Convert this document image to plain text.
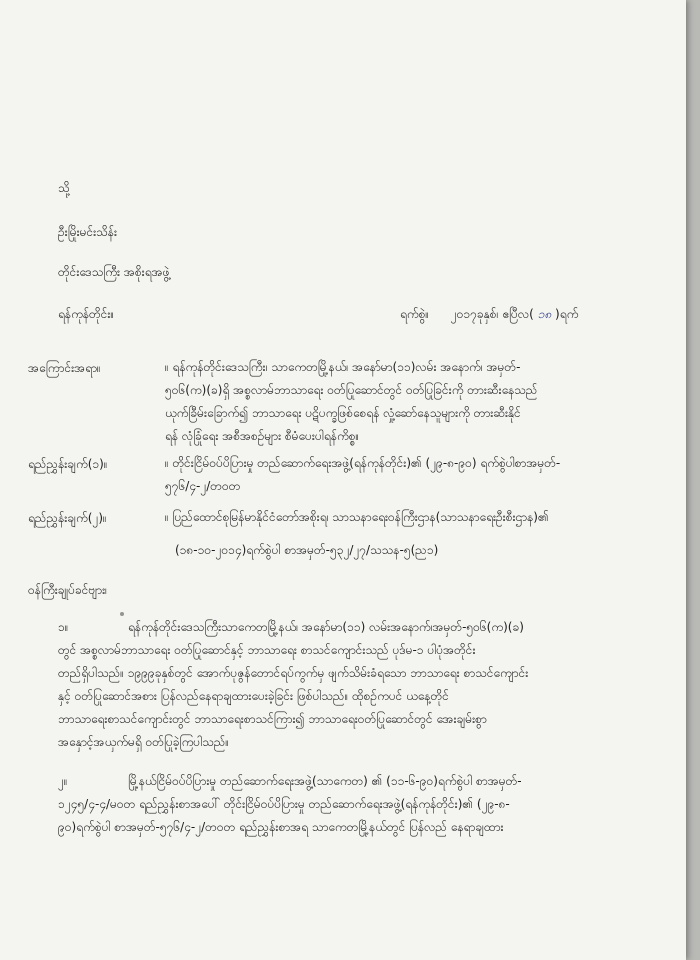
သို့
ဦးမြိုးမင်းသိန်း
တိုင်းဒေသကြီး အစိုးရအဖွဲ့
ရန်ကုန်တိုင်း။	ရက်စွဲ။ ၂၀၁၇ခုနှစ်၊ ဧပြီလ( ၁၈ )ရက်
အကြောင်းအရာ။	။ ရန်ကုန်တိုင်းဒေသကြီး၊ သာကေတမြို့နယ်၊ အနော်မာ(၁၁)လမ်း အနောက်၊ အမှတ်-
၅၀၆(က)(ခ)ရှိ အစ္စလာမ်ဘာသာရေး ဝတ်ပြုဆောင်တွင် ဝတ်ပြုခြင်းကို တားဆီးနေသည်
ယုက်ခြီမ်းခြောက်၍ ဘာသာရေး ပဋိပက္ခဖြစ်စေရန် လှုံ့ဆော်နေသူများကို တားဆီးနိုင်
ရန် လုံခြုံရေး အစီအစဉ်များ စီမံပေးပါရန်ကိစ္စ။
ရည်ညွှန်းချက်(၁)။	။ တိုင်းငြိမ်ဝပ်ပိပြားမှု တည်ဆောက်ရေးအဖွဲ့(ရန်ကုန်တိုင်း)၏ (၂၉-၈-၉၀) ရက်စွဲပါစာအမှတ်-
၅၇၆/၄-၂/တဝတ
ရည်ညွှန်းချက်(၂)။	။ ပြည်ထောင်စုမြန်မာနိုင်ငံတော်အစိုးရ၊ သာသနာရေးဝန်ကြီးဌာန(သာသနာရေးဦးစီးဌာန)၏
(၁၈-၁၀-၂၀၁၄)ရက်စွဲပါ စာအမှတ်-၅၃၂/၂၇/သသန-၅(ည၁)
ဝန်ကြီးချုပ်ခင်ဗျား၊
၁။	ရန်ကုန်တိုင်းဒေသကြီးသာကေတမြို့နယ်၊ အနော်မာ(၁၁) လမ်းအနောက်၊အမှတ်-၅၀၆(က)(ခ)
တွင် အစ္စလာမ်ဘာသာရေး ဝတ်ပြုဆောင်နှင့် ဘာသာရေး စာသင်ကျောင်းသည် ပုဒ်မ-၁ ပါပုံအတိုင်း
တည်ရှိပါသည်။ ၁၉၉၉ခုနှစ်တွင် အောက်ပုဇွန်တောင်ရပ်ကွက်မှ ဖျက်သိမ်းခံရသော ဘာသာရေး စာသင်ကျောင်း
နှင့် ဝတ်ပြုဆောင်အစား ပြန်လည်နေရာချထားပေးခဲ့ခြင်း ဖြစ်ပါသည်။ ထိုစဉ်ကပင် ယနေ့တိုင်
ဘာသာရေးစာသင်ကျောင်းတွင် ဘာသာရေးစာသင်ကြား၍ ဘာသာရေးဝတ်ပြုဆောင်တွင် အေးချမ်းစွာ
အနှောင့်အယှက်မရှိ ဝတ်ပြုခဲ့ကြပါသည်။
၂။	မြို့နယ်ငြိမ်ဝပ်ပိပြားမှု တည်ဆောက်ရေးအဖွဲ့(သာကေတ) ၏ (၁၁-၆-၉၀)ရက်စွဲပါ စာအမှတ်-
၁၂၄၅/၄-၄/မဝတ ရည်ညွှန်းစာအပေါ် တိုင်းငြိမ်ဝပ်ပိပြားမှု တည်ဆောက်ရေးအဖွဲ့(ရန်ကုန်တိုင်း)၏ (၂၉-၈-
၉၀)ရက်စွဲပါ စာအမှတ်-၅၇၆/၄-၂/တဝတ ရည်ညွှန်းစာအရ သာကေတမြို့နယ်တွင် ပြန်လည် နေရာချထား
